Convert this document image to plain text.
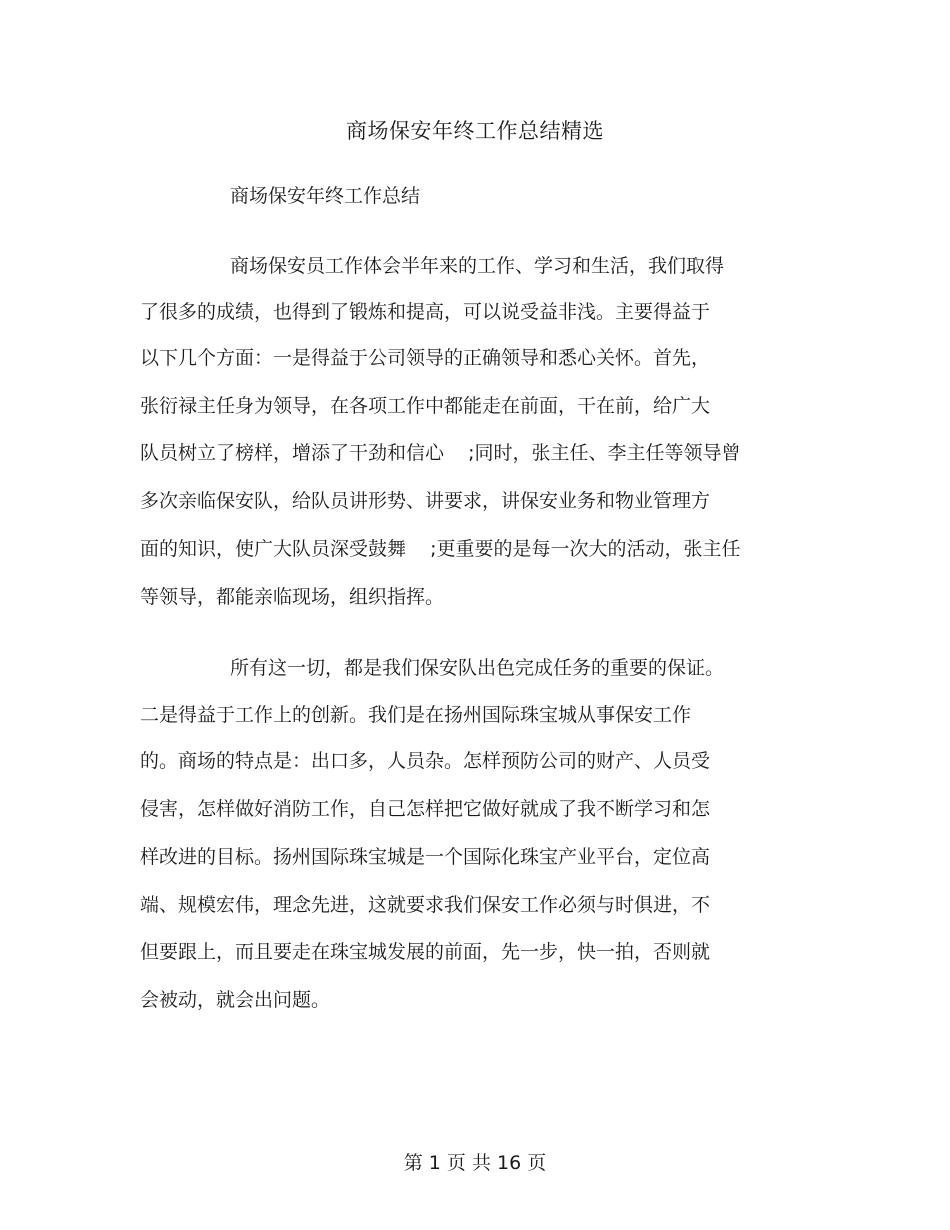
商场保安年终工作总结精选
商场保安年终工作总结
商场保安员工作体会半年来的工作、学习和生活，我们取得
了很多的成绩，也得到了锻炼和提高，可以说受益非浅。主要得益于
以下几个方面：一是得益于公司领导的正确领导和悉心关怀。首先，
张衍禄主任身为领导，在各项工作中都能走在前面，干在前，给广大
队员树立了榜样，增添了干劲和信心    ;同时，张主任、李主任等领导曾
多次亲临保安队，给队员讲形势、讲要求，讲保安业务和物业管理方
面的知识，使广大队员深受鼓舞    ;更重要的是每一次大的活动，张主任
等领导，都能亲临现场，组织指挥。
所有这一切，都是我们保安队出色完成任务的重要的保证。
二是得益于工作上的创新。我们是在扬州国际珠宝城从事保安工作
的。商场的特点是：出口多，人员杂。怎样预防公司的财产、人员受
侵害，怎样做好消防工作，自己怎样把它做好就成了我不断学习和怎
样改进的目标。扬州国际珠宝城是一个国际化珠宝产业平台，定位高
端、规模宏伟，理念先进，这就要求我们保安工作必须与时俱进，不
但要跟上，而且要走在珠宝城发展的前面，先一步，快一拍，否则就
会被动，就会出问题。
第 1 页 共 16 页
